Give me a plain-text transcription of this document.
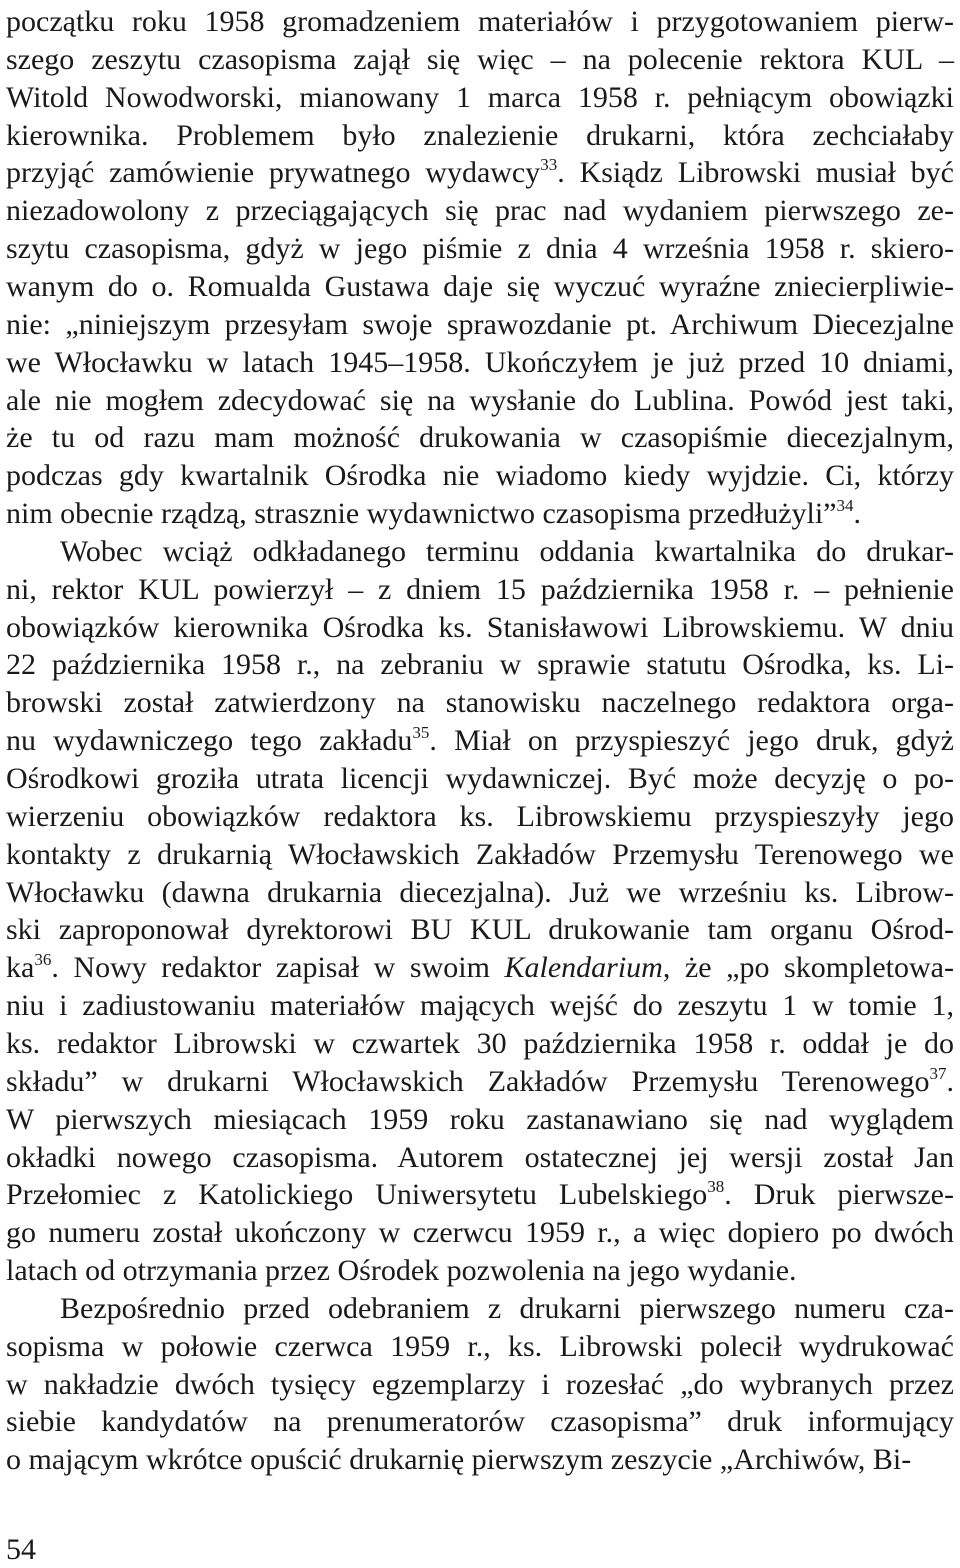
początku roku 1958 gromadzeniem materiałów i przygotowaniem pierw-
szego zeszytu czasopisma zajął się więc – na polecenie rektora KUL –
Witold Nowodworski, mianowany 1 marca 1958 r. pełniącym obowiązki
kierownika. Problemem było znalezienie drukarni, która zechciałaby
przyjąć zamówienie prywatnego wydawcy$^{33}$. Ksiądz Librowski musiał być
niezadowolony z przeciągających się prac nad wydaniem pierwszego ze-
szytu czasopisma, gdyż w jego piśmie z dnia 4 września 1958 r. skiero-
wanym do o. Romualda Gustawa daje się wyczuć wyraźne zniecierpliwie-
nie: „niniejszym przesyłam swoje sprawozdanie pt. Archiwum Diecezjalne
we Włocławku w latach 1945–1958. Ukończyłem je już przed 10 dniami,
ale nie mogłem zdecydować się na wysłanie do Lublina. Powód jest taki,
że tu od razu mam możność drukowania w czasopiśmie diecezjalnym,
podczas gdy kwartalnik Ośrodka nie wiadomo kiedy wyjdzie. Ci, którzy
nim obecnie rządzą, strasznie wydawnictwo czasopisma przedłużyli”$^{34}$.
Wobec wciąż odkładanego terminu oddania kwartalnika do drukar-
ni, rektor KUL powierzył – z dniem 15 października 1958 r. – pełnienie
obowiązków kierownika Ośrodka ks. Stanisławowi Librowskiemu. W dniu
22 października 1958 r., na zebraniu w sprawie statutu Ośrodka, ks. Li-
browski został zatwierdzony na stanowisku naczelnego redaktora orga-
nu wydawniczego tego zakładu$^{35}$. Miał on przyspieszyć jego druk, gdyż
Ośrodkowi groziła utrata licencji wydawniczej. Być może decyzję o po-
wierzeniu obowiązków redaktora ks. Librowskiemu przyspieszyły jego
kontakty z drukarnią Włocławskich Zakładów Przemysłu Terenowego we
Włocławku (dawna drukarnia diecezjalna). Już we wrześniu ks. Librow-
ski zaproponował dyrektorowi BU KUL drukowanie tam organu Ośrod-
$ka^{36}$. Nowy redaktor zapisał w swoim Kalendarium, że „po skompletowa-
niu i zadiustowaniu materiałów mających wejść do zeszytu 1 w tomie 1,
ks. redaktor Librowski w czwartek 30 października 1958 r. oddał je do
składu” w drukarni Włocławskich Zakładów Przemysłu Terenowego$^{37}$.
W pierwszych miesiącach 1959 roku zastanawiano się nad wyglądem
okładki nowego czasopisma. Autorem ostatecznej jej wersji został Jan
Przełomiec z Katolickiego Uniwersytetu Lubelskiego$^{38}$. Druk pierwsze-
go numeru został ukończony w czerwcu 1959 r., a więc dopiero po dwóch
latach od otrzymania przez Ośrodek pozwolenia na jego wydanie.
Bezpośrednio przed odebraniem z drukarni pierwszego numeru cza-
sopisma w połowie czerwca 1959 r., ks. Librowski polecił wydrukować
w nakładzie dwóch tysięcy egzemplarzy i rozesłać „do wybranych przez
siebie kandydatów na prenumeratorów czasopisma” druk informujący
o mającym wkrótce opuścić drukarnię pierwszym zeszycie „Archiwów, Bi-
54
